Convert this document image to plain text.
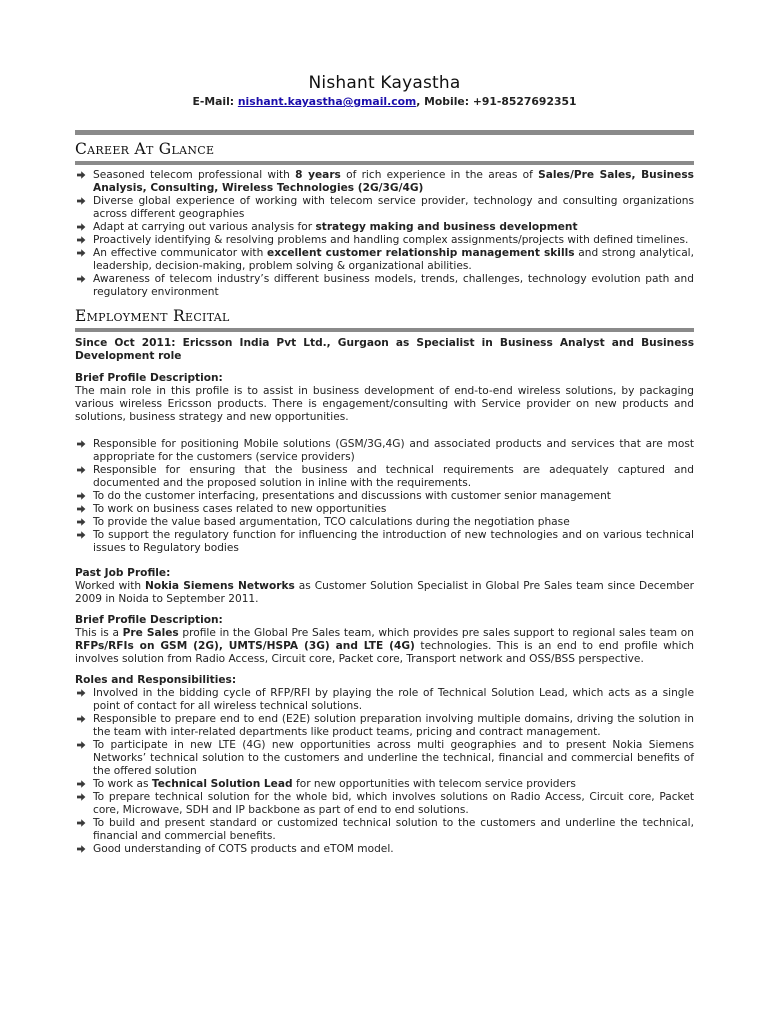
Nishant Kayastha
E-Mail: nishant.kayastha@gmail.com, Mobile: +91-8527692351
Career At Glance
Seasoned telecom professional with 8 years of rich experience in the areas of Sales/Pre Sales, Business Analysis, Consulting, Wireless Technologies (2G/3G/4G)
Diverse global experience of working with telecom service provider, technology and consulting organizations across different geographies
Adapt at carrying out various analysis for strategy making and business development
Proactively identifying & resolving problems and handling complex assignments/projects with defined timelines.
An effective communicator with excellent customer relationship management skills and strong analytical, leadership, decision-making, problem solving & organizational abilities.
Awareness of telecom industry’s different business models, trends, challenges, technology evolution path and regulatory environment
Employment Recital

Since Oct 2011: Ericsson India Pvt Ltd., Gurgaon as Specialist in Business Analyst and Business Development role

Brief Profile Description:

The main role in this profile is to assist in business development of end-to-end wireless solutions, by packaging various wireless Ericsson products. There is engagement/consulting with Service provider on new products and solutions, business strategy and new opportunities.

Responsible for positioning Mobile solutions (GSM/3G,4G) and associated products and services that are most appropriate for the customers (service providers)
Responsible for ensuring that the business and technical requirements are adequately captured and documented and the proposed solution in inline with the requirements.
To do the customer interfacing, presentations and discussions with customer senior management
To work on business cases related to new opportunities
To provide the value based argumentation, TCO calculations during the negotiation phase
To support the regulatory function for influencing the introduction of new technologies and on various technical issues to Regulatory bodies
Past Job Profile:

Worked with Nokia Siemens Networks as Customer Solution Specialist in Global Pre Sales team since December 2009 in Noida to September 2011.

Brief Profile Description:

This is a Pre Sales profile in the Global Pre Sales team, which provides pre sales support to regional sales team on RFPs/RFIs on GSM (2G), UMTS/HSPA (3G) and LTE (4G) technologies. This is an end to end profile which involves solution from Radio Access, Circuit core, Packet core, Transport network and OSS/BSS perspective.

Roles and Responsibilities:
Involved in the bidding cycle of RFP/RFI by playing the role of Technical Solution Lead, which acts as a single point of contact for all wireless technical solutions.
Responsible to prepare end to end (E2E) solution preparation involving multiple domains, driving the solution in the team with inter-related departments like product teams, pricing and contract management.
To participate in new LTE (4G) new opportunities across multi geographies and to present Nokia Siemens Networks’ technical solution to the customers and underline the technical, financial and commercial benefits of the offered solution
To work as Technical Solution Lead for new opportunities with telecom service providers
To prepare technical solution for the whole bid, which involves solutions on Radio Access, Circuit core, Packet core, Microwave, SDH and IP backbone as part of end to end solutions.
To build and present standard or customized technical solution to the customers and underline the technical, financial and commercial benefits.
Good understanding of COTS products and eTOM model.
